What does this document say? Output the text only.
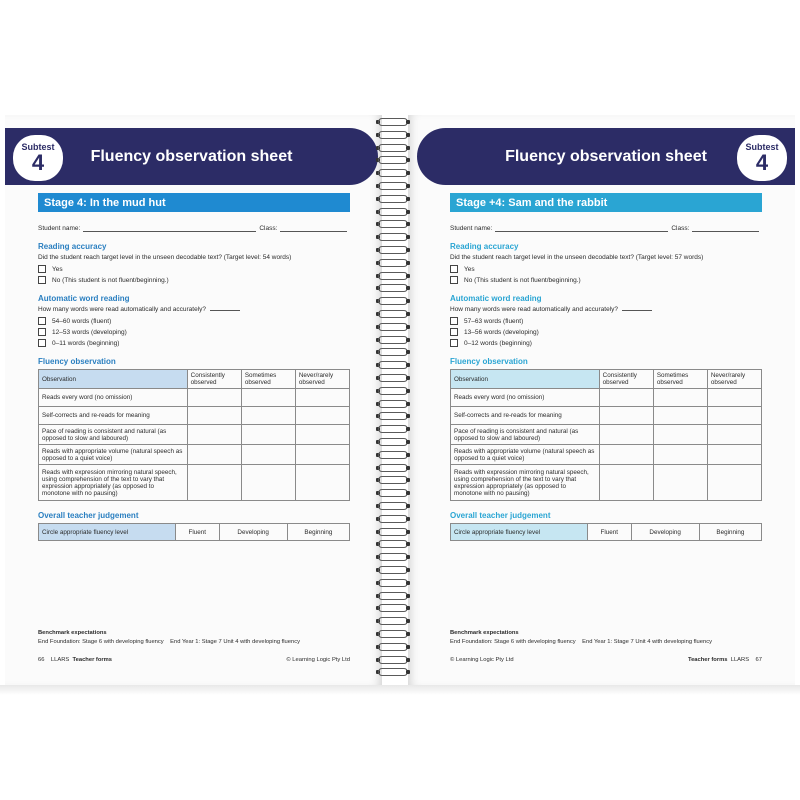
Fluency observation sheet
Subtest
4
Stage 4: In the mud hut
Student name:	Class:
Reading accuracy
Did the student reach target level in the unseen decodable text? (Target level: 54 words)
Yes
No (This student is not fluent/beginning.)
Automatic word reading
How many words were read automatically and accurately?
54–60 words (fluent)
12–53 words (developing)
0–11 words (beginning)
Fluency observation
Observation	Consistently observed	Sometimes observed	Never/rarely observed
Reads every word (no omission)			
Self-corrects and re-reads for meaning			
Pace of reading is consistent and natural (as opposed to slow and laboured)			
Reads with appropriate volume (natural speech as opposed to a quiet voice)			
Reads with expression mirroring natural speech, using comprehension of the text to vary that expression appropriately (as opposed to monotone with no pausing)			
Overall teacher judgement
Circle appropriate fluency level	Fluent	Developing	Beginning
Benchmark expectations
End Foundation: Stage 6 with developing fluency End Year 1: Stage 7 Unit 4 with developing fluency
66 LLARS Teacher forms	© Learning Logic Pty Ltd
Fluency observation sheet
Subtest
4
Stage +4: Sam and the rabbit
Student name:	Class:
Reading accuracy
Did the student reach target level in the unseen decodable text? (Target level: 57 words)
Yes
No (This student is not fluent/beginning.)
Automatic word reading
How many words were read automatically and accurately?
57–63 words (fluent)
13–56 words (developing)
0–12 words (beginning)
Fluency observation
Observation	Consistently observed	Sometimes observed	Never/rarely observed
Reads every word (no omission)			
Self-corrects and re-reads for meaning			
Pace of reading is consistent and natural (as opposed to slow and laboured)			
Reads with appropriate volume (natural speech as opposed to a quiet voice)			
Reads with expression mirroring natural speech, using comprehension of the text to vary that expression appropriately (as opposed to monotone with no pausing)			
Overall teacher judgement
Circle appropriate fluency level	Fluent	Developing	Beginning
Benchmark expectations
End Foundation: Stage 6 with developing fluency End Year 1: Stage 7 Unit 4 with developing fluency
© Learning Logic Pty Ltd	Teacher forms LLARS 67
